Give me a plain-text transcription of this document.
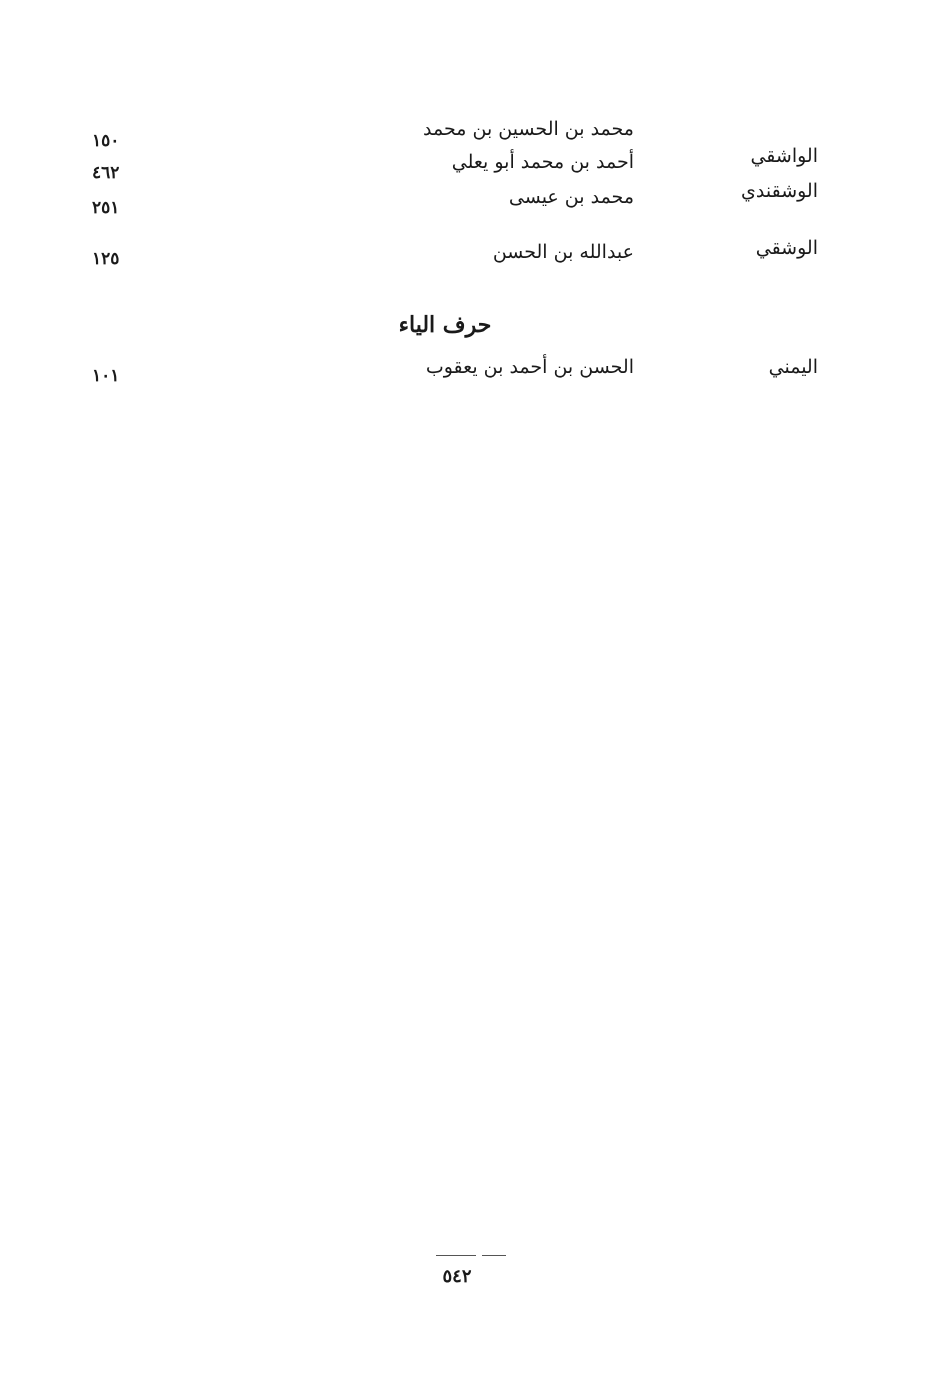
محمد بن الحسين بن محمد
١٥٠
الواشقي
أحمد بن محمد أبو يعلي
٤٦٢
الوشقندي
محمد بن عيسى
٢٥١
الوشقي
عبدالله بن الحسن
١٢٥
حرف الياء
اليمني
الحسن بن أحمد بن يعقوب
١٠١
٥٤٢
